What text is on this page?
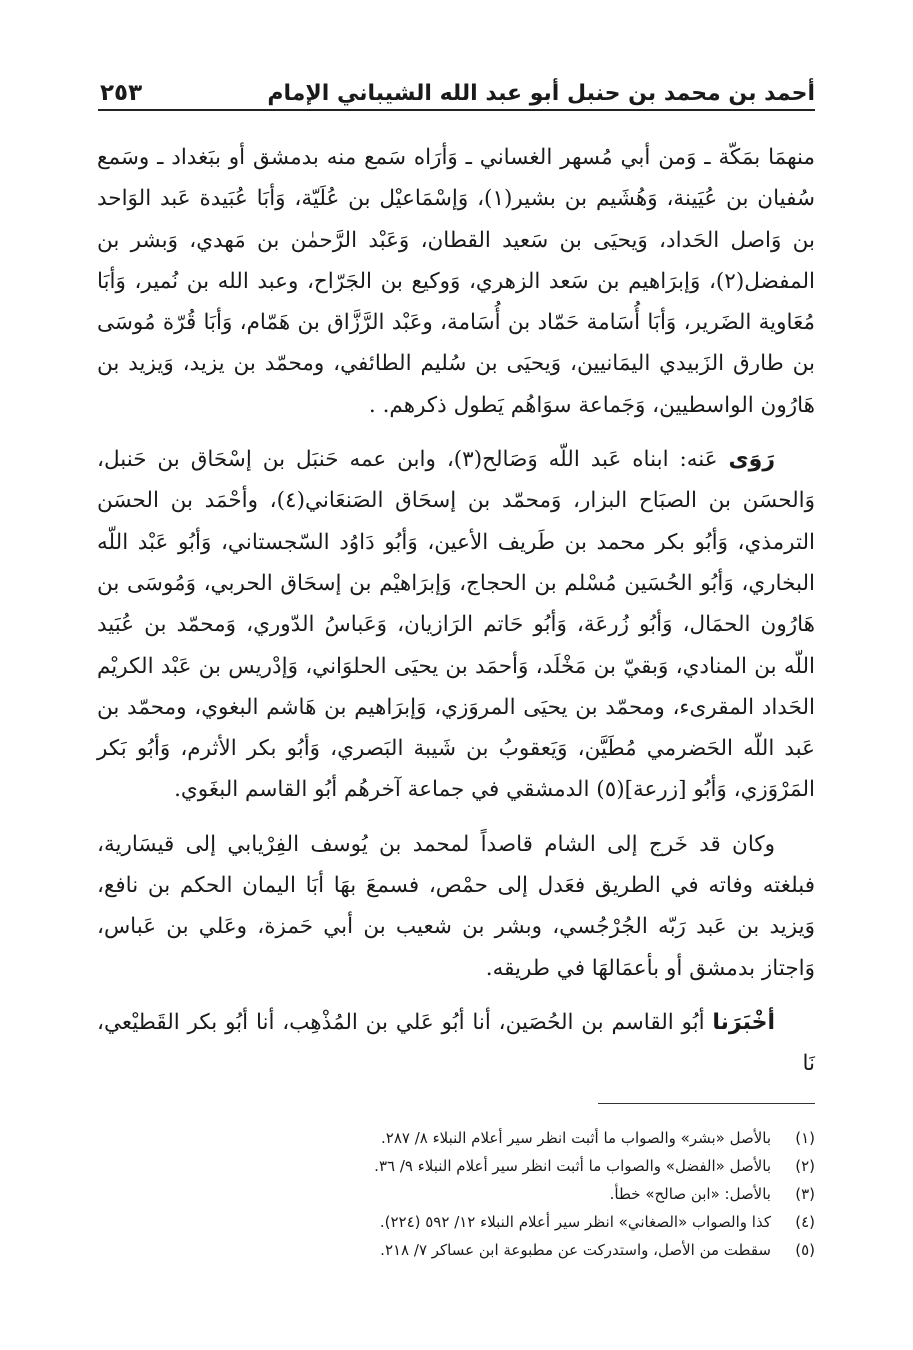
أحمد بن محمد بن حنبل أبو عبد الله الشيباني الإمام
٢٥٣

منهمَا بمَكّة ـ وَمن أبي مُسهر الغساني ـ وَأرَاه سَمع منه بدمشق أو ببَغداد ـ وسَمع سُفيان بن عُيَينة، وَهُشَيم بن بشير(١)، وَإسْمَاعيْل بن عُلَيّة، وَأبَا عُبَيدة عَبد الوَاحد بن وَاصل الحَداد، وَيحيَى بن سَعيد القطان، وَعَبْد الرَّحمٰن بن مَهدي، وَبشر بن المفضل(٢)، وَإبرَاهيم بن سَعد الزهري، وَوكيع بن الجَرّاح، وعبد الله بن نُمير، وَأبَا مُعَاوية الضَرير، وَأبَا أُسَامة حَمّاد بن أُسَامة، وعَبْد الرَّزَّاق بن هَمّام، وَأبَا قُرّة مُوسَى بن طارق الزَبيدي اليمَانيين، وَيحيَى بن سُليم الطائفي، ومحمّد بن يزيد، وَيزيد بن هَارُون الواسطيين، وَجَماعة سوَاهُم يَطول ذكرهم. .

رَوَى عَنه: ابناه عَبد اللّه وَصَالح(٣)، وابن عمه حَنبَل بن إسْحَاق بن حَنبل، وَالحسَن بن الصبَاح البزار، وَمحمّد بن إسحَاق الصَنعَاني(٤)، وأحْمَد بن الحسَن الترمذي، وَأبُو بكر محمد بن طَريف الأعين، وَأبُو دَاوُد السّجستاني، وَأبُو عَبْد اللّه البخاري، وَأبُو الحُسَين مُسْلم بن الحجاج، وَإبرَاهيْم بن إسحَاق الحربي، وَمُوسَى بن هَارُون الحمَال، وَأبُو زُرعَة، وَأبُو حَاتم الرَازيان، وَعَباسُ الدّوري، وَمحمّد بن عُبَيد اللّه بن المنادي، وَبقيّ بن مَخْلَد، وَأحمَد بن يحيَى الحلوَاني، وَإدْريس بن عَبْد الكريْم الحَداد المقرىء، ومحمّد بن يحيَى المروَزي، وَإبرَاهيم بن هَاشم البغوي، ومحمّد بن عَبد اللّه الحَضرمي مُطَيَّن، وَيَعقوبُ بن شَيبة البَصري، وَأبُو بكر الأثرم، وَأبُو بَكر المَرْوَزي، وَأبُو [زرعة](٥) الدمشقي في جماعة آخرهُم أبُو القاسم البغَوي.

وكان قد خَرج إلى الشام قاصداً لمحمد بن يُوسف الفِرْيابي إلى قيسَارية، فبلغته وفاته في الطريق فعَدل إلى حمْص، فسمعَ بهَا أبَا اليمان الحكم بن نافع، وَيزيد بن عَبد رَبّه الجُرْجُسي، وبشر بن شعيب بن أبي حَمزة، وعَلي بن عَباس، وَاجتاز بدمشق أو بأعمَالهَا في طريقه.

أخْبَرَنا أبُو القاسم بن الحُصَين، أنا أبُو عَلي بن المُذْهِب، أنا أبُو بكر القَطيْعي، نَا

(١)
بالأصل «بشر» والصواب ما أثبت انظر سير أعلام النبلاء ٨/ ٢٨٧.
(٢)
بالأصل «الفضل» والصواب ما أثبت انظر سير أعلام النبلاء ٩/ ٣٦.
(٣)
بالأصل: «ابن صالح» خطأ.
(٤)
كذا والصواب «الصغاني» انظر سير أعلام النبلاء ١٢/ ٥٩٢ (٢٢٤).
(٥)
سقطت من الأصل، واستدركت عن مطبوعة ابن عساكر ٧/ ٢١٨.
